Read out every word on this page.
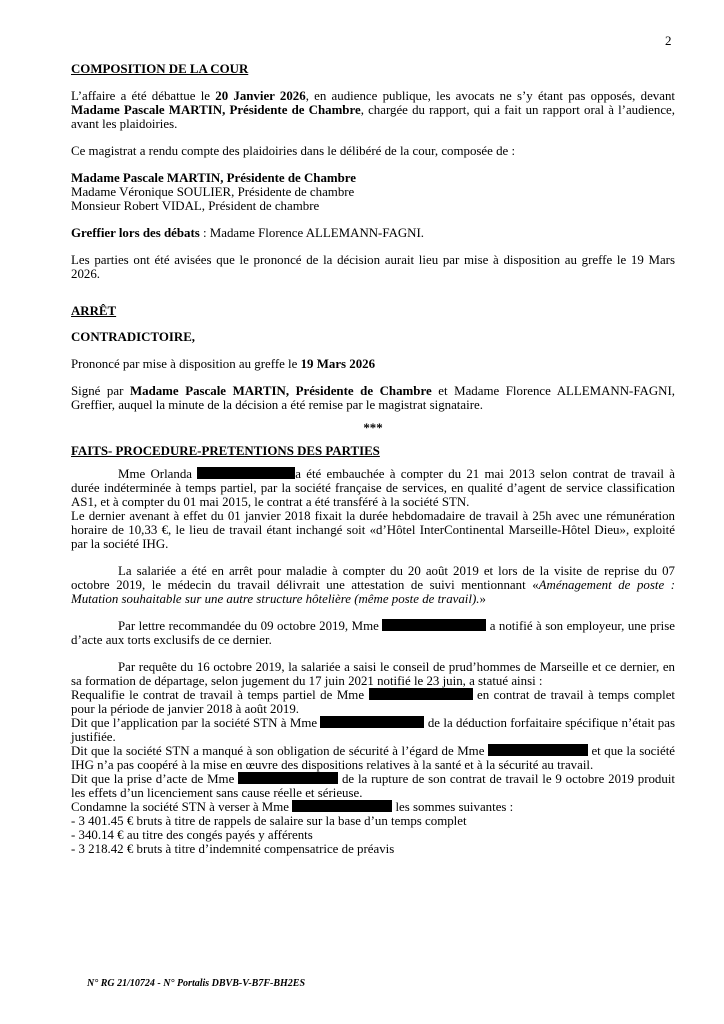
2
COMPOSITION DE LA COUR

L’affaire a été débattue le 20 Janvier 2026, en audience publique, les avocats ne s’y étant pas opposés, devant Madame Pascale MARTIN, Présidente de Chambre, chargée du rapport, qui a fait un rapport oral à l’audience, avant les plaidoiries.

Ce magistrat a rendu compte des plaidoiries dans le délibéré de la cour, composée de :

Madame Pascale MARTIN, Présidente de Chambre
Madame Véronique SOULIER, Présidente de chambre
Monsieur Robert VIDAL, Président de chambre
Greffier lors des débats : Madame Florence ALLEMANN-FAGNI.

Les parties ont été avisées que le prononcé de la décision aurait lieu par mise à disposition au greffe le 19 Mars 2026.

ARRÊT
CONTRADICTOIRE,
Prononcé par mise à disposition au greffe le 19 Mars 2026

Signé par Madame Pascale MARTIN, Présidente de Chambre et Madame Florence ALLEMANN-FAGNI, Greffier, auquel la minute de la décision a été remise par le magistrat signataire.

***
FAITS- PROCEDURE-PRETENTIONS DES PARTIES

Mme Orlanda	a été embauchée à compter du 21 mai 2013 selon contrat de travail à durée indéterminée à temps partiel, par la société française de services, en qualité d’agent de service classification AS1, et à compter du 01 mai 2015, le contrat a été transféré à la société STN.

Le dernier avenant à effet du 01 janvier 2018 fixait la durée hebdomadaire de travail à 25h avec une rémunération horaire de 10,33 €, le lieu de travail étant inchangé soit «d’Hôtel InterContinental Marseille-Hôtel Dieu», exploité par la société IHG.

La salariée a été en arrêt pour maladie à compter du 20 août 2019 et lors de la visite de reprise du 07 octobre 2019, le médecin du travail délivrait une attestation de suivi mentionnant «Aménagement de poste : Mutation souhaitable sur une autre structure hôtelière (même poste de travail).»

Par lettre recommandée du 09 octobre 2019, Mme	a notifié à son employeur, une prise d’acte aux torts exclusifs de ce dernier.

Par requête du 16 octobre 2019, la salariée a saisi le conseil de prud’hommes de Marseille et ce dernier, en sa formation de départage, selon jugement du 17 juin 2021 notifié le 23 juin, a statué ainsi :

Requalifie le contrat de travail à temps partiel de Mme	en contrat de travail à temps complet pour la période de janvier 2018 à août 2019.

Dit que l’application par la société STN à Mme	de la déduction forfaitaire spécifique n’était pas justifiée.

Dit que la société STN a manqué à son obligation de sécurité à l’égard de Mme	et que la société IHG n’a pas coopéré à la mise en œuvre des dispositions relatives à la santé et à la sécurité au travail.

Dit que la prise d’acte de Mme	de la rupture de son contrat de travail le 9 octobre 2019 produit les effets d’un licenciement sans cause réelle et sérieuse.

Condamne la société STN à verser à Mme	les sommes suivantes :
- 3 401.45 € bruts à titre de rappels de salaire sur la base d’un temps complet
- 340.14 € au titre des congés payés y afférents
- 3 218.42 € bruts à titre d’indemnité compensatrice de préavis
N° RG 21/10724 - N° Portalis DBVB-V-B7F-BH2ES
